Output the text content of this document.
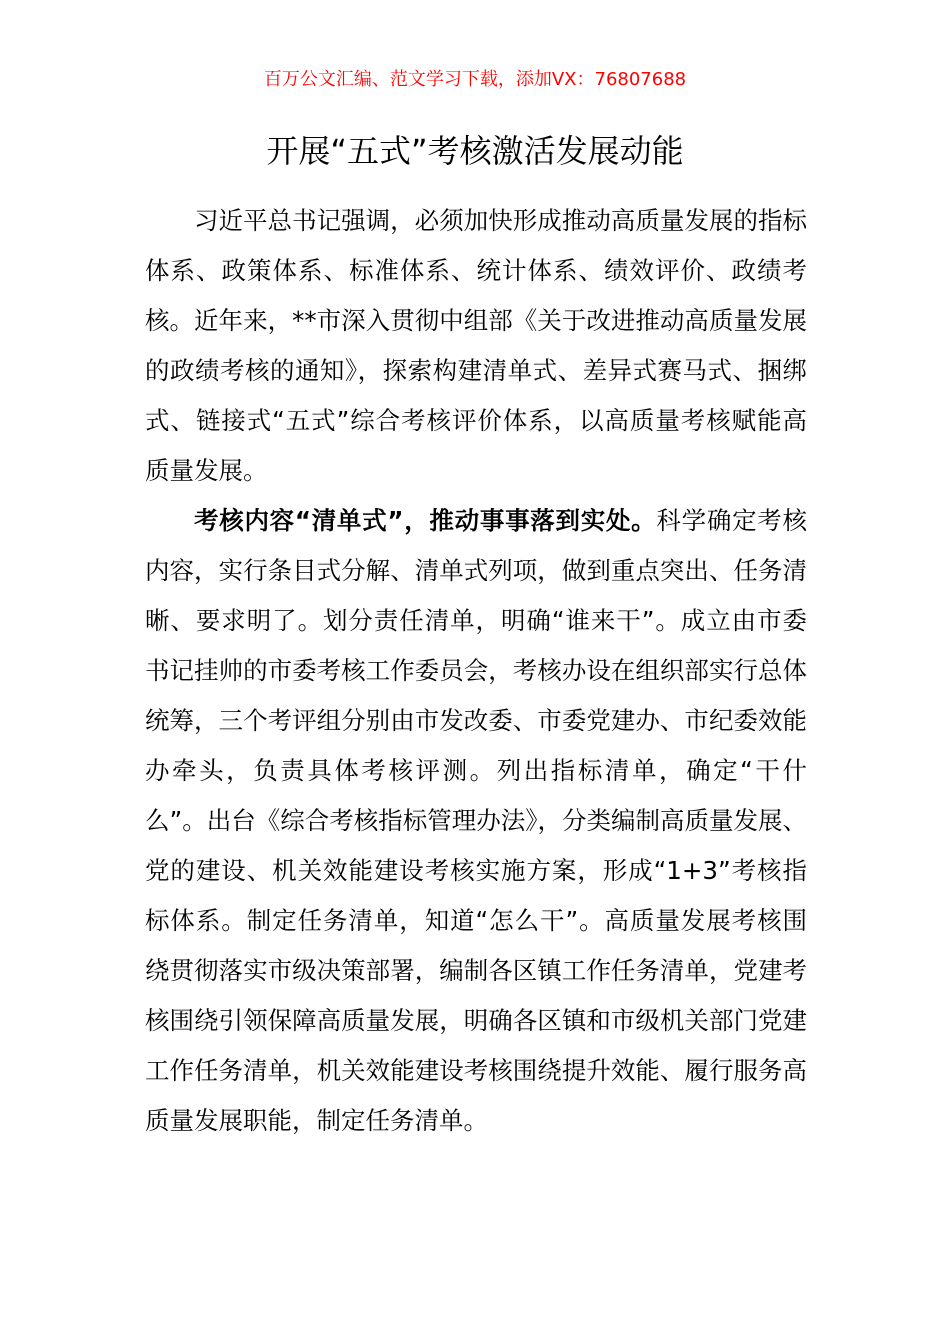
百万公文汇编、范文学习下载，添加VX：76807688
开展“五式”考核激活发展动能

习近平总书记强调，必须加快形成推动高质量发展的指标体系、政策体系、标准体系、统计体系、绩效评价、政绩考核。近年来，**市深入贯彻中组部《关于改进推动高质量发展的政绩考核的通知》，探索构建清单式、差异式赛马式、捆绑式、链接式“五式”综合考核评价体系，以高质量考核赋能高质量发展。

考核内容“清单式”，推动事事落到实处。科学确定考核内容，实行条目式分解、清单式列项，做到重点突出、任务清晰、要求明了。划分责任清单，明确“谁来干”。成立由市委书记挂帅的市委考核工作委员会，考核办设在组织部实行总体统筹，三个考评组分别由市发改委、市委党建办、市纪委效能办牵头，负责具体考核评测。列出指标清单，确定“干什么”。出台《综合考核指标管理办法》，分类编制高质量发展、党的建设、机关效能建设考核实施方案，形成“1+3”考核指标体系。制定任务清单，知道“怎么干”。高质量发展考核围绕贯彻落实市级决策部署，编制各区镇工作任务清单，党建考核围绕引领保障高质量发展，明确各区镇和市级机关部门党建工作任务清单，机关效能建设考核围绕提升效能、履行服务高质量发展职能，制定任务清单。
